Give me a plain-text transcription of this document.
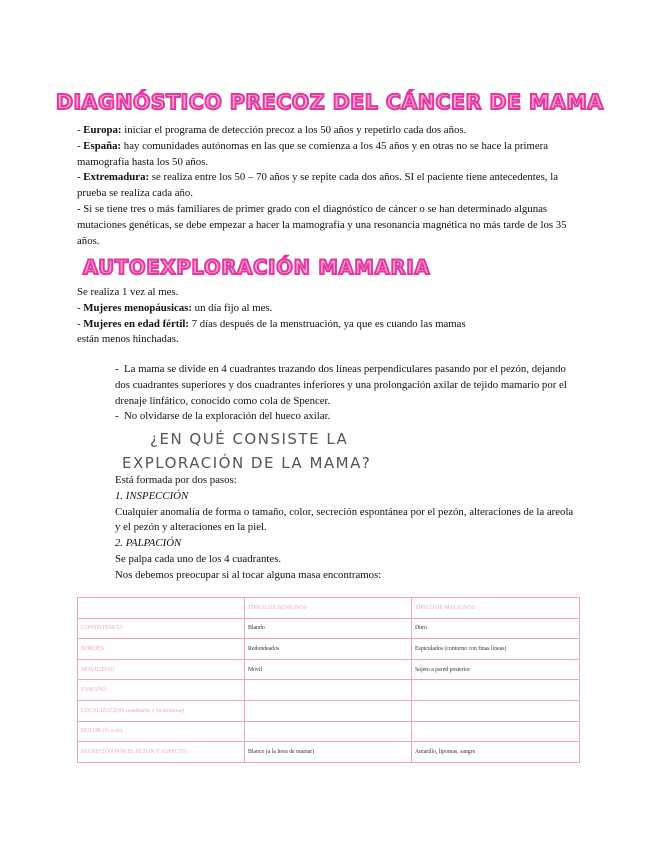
DIAGNÓSTICO PRECOZ DEL CÁNCER DE MAMA

- Europa: iniciar el programa de detección precoz a los 50 años y repetirlo cada dos años.

- España: hay comunidades autónomas en las que se comienza a los 45 años y en otras no se hace la primera mamografía hasta los 50 años.

- Extremadura: se realiza entre los 50 – 70 años y se repite cada dos años. SI el paciente tiene antecedentes, la prueba se realiza cada año.

- Si se tiene tres o más familiares de primer grado con el diagnóstico de cáncer o se han determinado algunas mutaciones genéticas, se debe empezar a hacer la mamografía y una resonancia magnética no más tarde de los 35 años.

AUTOEXPLORACIÓN MAMARIA

Se realiza 1 vez al mes.

- Mujeres menopáusicas: un día fijo al mes.

- Mujeres en edad fértil: 7 días después de la menstruación, ya que es cuando las mamas están menos hinchadas.

-  La mama se divide en 4 cuadrantes trazando dos líneas perpendiculares pasando por el pezón, dejando dos cuadrantes superiores y dos cuadrantes inferiores y una prolongación axilar de tejido mamario por el drenaje linfático, conocido como cola de Spencer.

-  No olvidarse de la exploración del hueco axilar.

¿EN QUÉ CONSISTE LA
EXPLORACIÓN DE LA MAMA?

Está formada por dos pasos:

1. INSPECCIÓN

Cualquier anomalía de forma o tamaño, color, secreción espontánea por el pezón, alteraciones de la areola y el pezón y alteraciones en la piel.

2. PALPACIÓN

Se palpa cada uno de los 4 cuadrantes.

Nos debemos preocupar si al tocar alguna masa encontramos:

	TÍPICO DE BENIGNOS	TÍPICO DE MALIGNOS
CONSISTENCIA	Blando	Duro
BORDES	Redondeados	Espiculados (contorno con finas líneas)
MOVILIDAD	Móvil	Sujeto a pared posterior
TAMAÑO		
LOCALIZACIÓN (cuadrante o cicatrizarse)		
DOLOR (Sí o no)		
SECRECIÓN POR EL PEZÓN Y ASPECTO	Blanco (a la hora de mamar)	Amarillo, lipomas, sangre
